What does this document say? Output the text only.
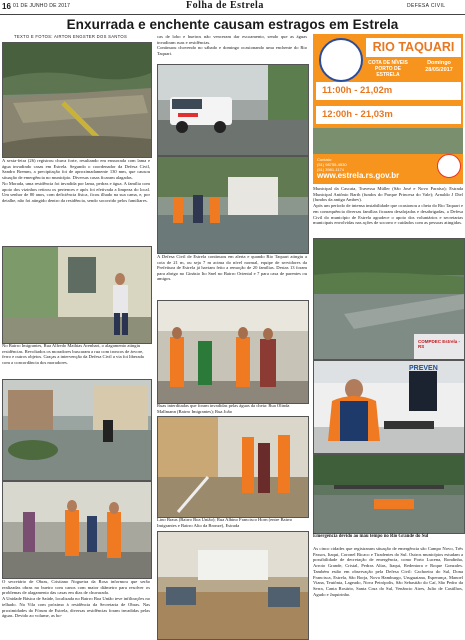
16 01 DE JUNHO DE 2017	Folha de Estrela	DEFESA CIVIL
Enxurrada e enchente causam estragos em Estrela
TEXTO E FOTOS: AIRTON ENGSTER DOS SANTOS
A sexta-feira (26) registrou chuva forte, resultando em enxurrada com lama e água invadindo casas em Estrela. Segundo o coordenador da Defesa Civil, Sandro Bremm, a precipitação foi de aproximadamente 130 mm, que causou situação de emergência no município. Diversas casas ficaram alagadas.
No Morada, uma residência foi invadida por lama, pedras e água. A família com apoio dos vizinhos retirou os pertences e após foi efetivada a limpeza do local. Um senhor de 80 anos, com deficiência física, ficou ilhado na sua cama, e, por detalhe, não foi atingido dentro da residência, sendo socorrido pelos familiares.
No Bairro Imigrantes, Rua Alfredo Mathias Arenhart, o alagamento atingiu residências. Revoltados os moradores buscaram a rua com troncos de árvore, ferro e outros objetos. Graças a intervenção da Defesa Civil a via foi liberada com a concordância dos moradores.
O secretário de Obras, Cristiano Nogueira da Rosa informou que serão realizadas obras no bueiro com canos com maior diâmetro para resolver os problemas de alagamento das casas em dias de chuvarada.
A Unidade Básica de Saúde, localizada no Bairro Boa União teve infiltrações no telhado. Na Vila com próximo à residência da Secretaria de Obras. Nas proximidades do Fórum de Estrela, diversas residências foram invadidas pelas águas. Devido ao volume, as bo-
cas de lobo e bueiros não venceram dar escoamento, sendo que as águas invadiram ruas e residências.
Continuou chovendo no sábado e domingo ocasionando uma enchente do Rio Taquari.
A Defesa Civil de Estrela continuou em alerta e quando Rio Taquari atingiu a cota de 21 m, ou seja 7 m acima do nível normal, equipe de servidores da Prefeitura de Estrela já haviam feito a remoção de 20 famílias. Destas 13 foram para abrigo no Ginásio Ito Snel no Bairro Oriental e 7 para casa de parentes ou amigos.
Ruas interditadas que foram invadidas pelas águas da cheia: Rua Olinda Mallmann (Bairro Imigrantes); Rua João
Lino Braus (Bairro Boa União); Rua Albino Francisco Horn (entre Bairro Imigrantes e Bairro Alto da Bronze), Estrada
RIO TAQUARI
COTA DE NÍVEIS PORTO DE ESTRELA
Domingo
28/05/2017
11:00h - 21,02m
12:00h - 21,03m
Contato:
(51) 98755-4530
(51) 3981-1174
www.estrela.rs.gov.br
Municipal da Cascata, Travessa Müller (São José e Novo Paraíso); Estrada Municipal Antônio Barth (fundos do Parque Princesa do Vale); Arnaldo J Diel (fundos da antiga Ambev).
Após um período de intensa instabilidade que ocasionou a cheia do Rio Taquari e em consequência diversas famílias ficaram desalojadas e desabrigadas, a Defesa Civil do município de Estrela agradece o apoio dos voluntários e secretarias municipais envolvidas nas ações de socorro e cuidados com as pessoas atingidas.
COMPDEC Estrela - RS
PREVEN
Emergência devido ao mau tempo no Rio Grande do Sul
As cinco cidades que registraram situação de emergência são Campo Novo, Três Passos, Itaqui, Coronel Bicaco e Tiradentes do Sul. Outros municípios estudam a possibilidade de decretação de emergência, como Porto Lucena, Rondinha, Arroio Grande, Cristal, Pedras Altas, Itaqui, Redentora e Roque Gonzales. Também estão em observação pela Defesa Civil: Cachoeira do Sul, Dona Francisca, Estrela, São Borja, Nova Hamburgo, Uruguaiana, Esperança, Manoel Viana, Teutônia, Lageado, Nova Petrópolis, São Sebastião do Caí, São Pedro da Serra, Canta Rosário, Santa Cruz do Sul, Venâncio Aires, Julio de Castilhos, Agudo e Jaquirinho.
